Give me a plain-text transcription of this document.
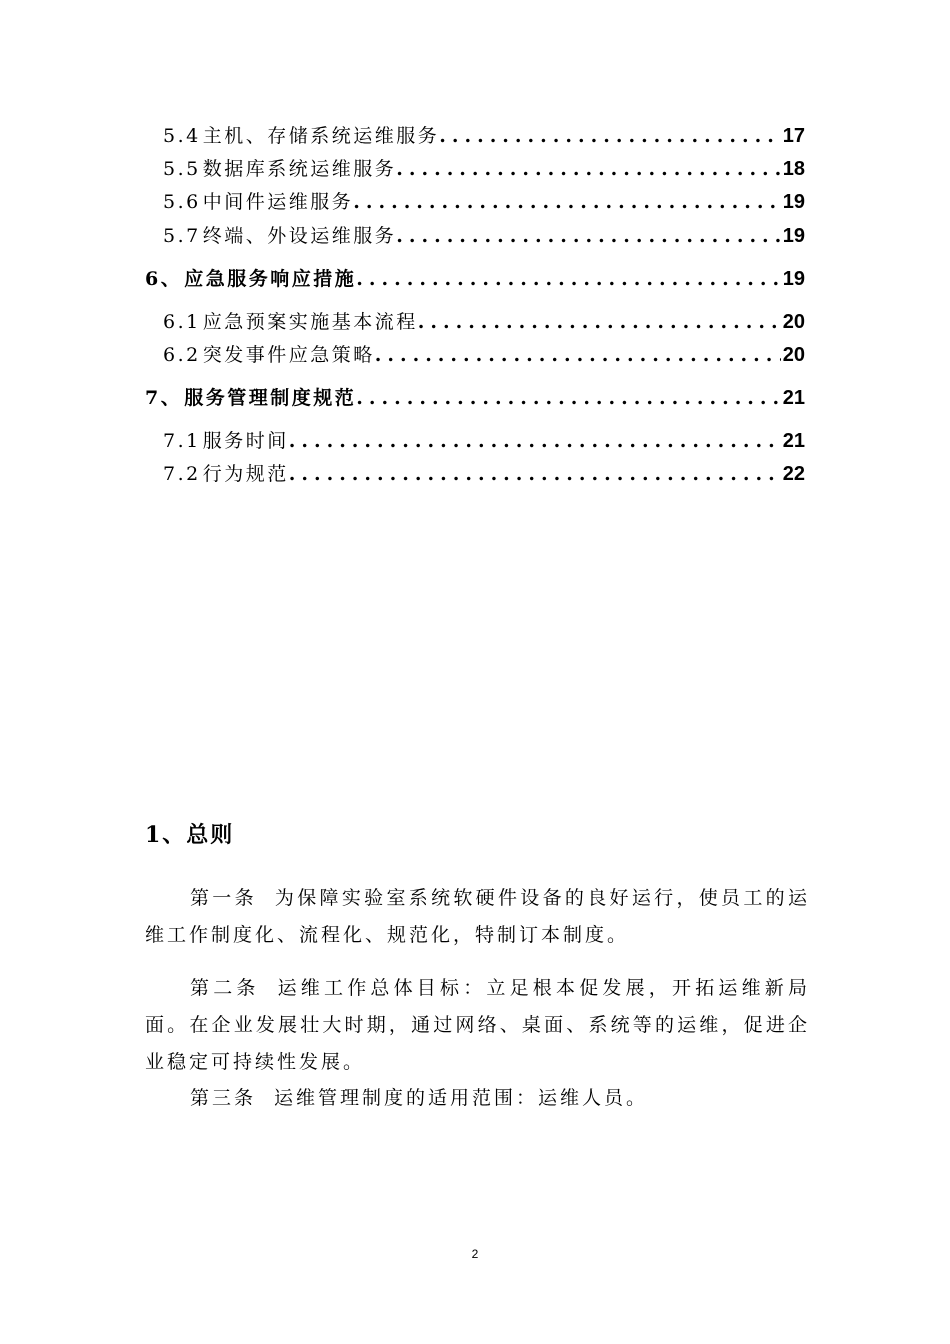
5.4 主机、存储系统运维服务 .....	17
5.5 数据库系统运维服务 .....	18
5.6 中间件运维服务 .....	19
5.7 终端、外设运维服务 .....	19
6、 应急服务响应措施 .....	19
6.1 应急预案实施基本流程 .....	20
6.2 突发事件应急策略 .....	20
7、 服务管理制度规范 .....	21
7.1 服务时间 .....	21
7.2 行为规范 .....	22
1、总则

第一条 为保障实验室系统软硬件设备的良好运行，使员工的运维工作制度化、流程化、规范化，特制订本制度。

第二条 运维工作总体目标：立足根本促发展，开拓运维新局面。在企业发展壮大时期，通过网络、桌面、系统等的运维，促进企业稳定可持续性发展。

第三条 运维管理制度的适用范围：运维人员。

2
